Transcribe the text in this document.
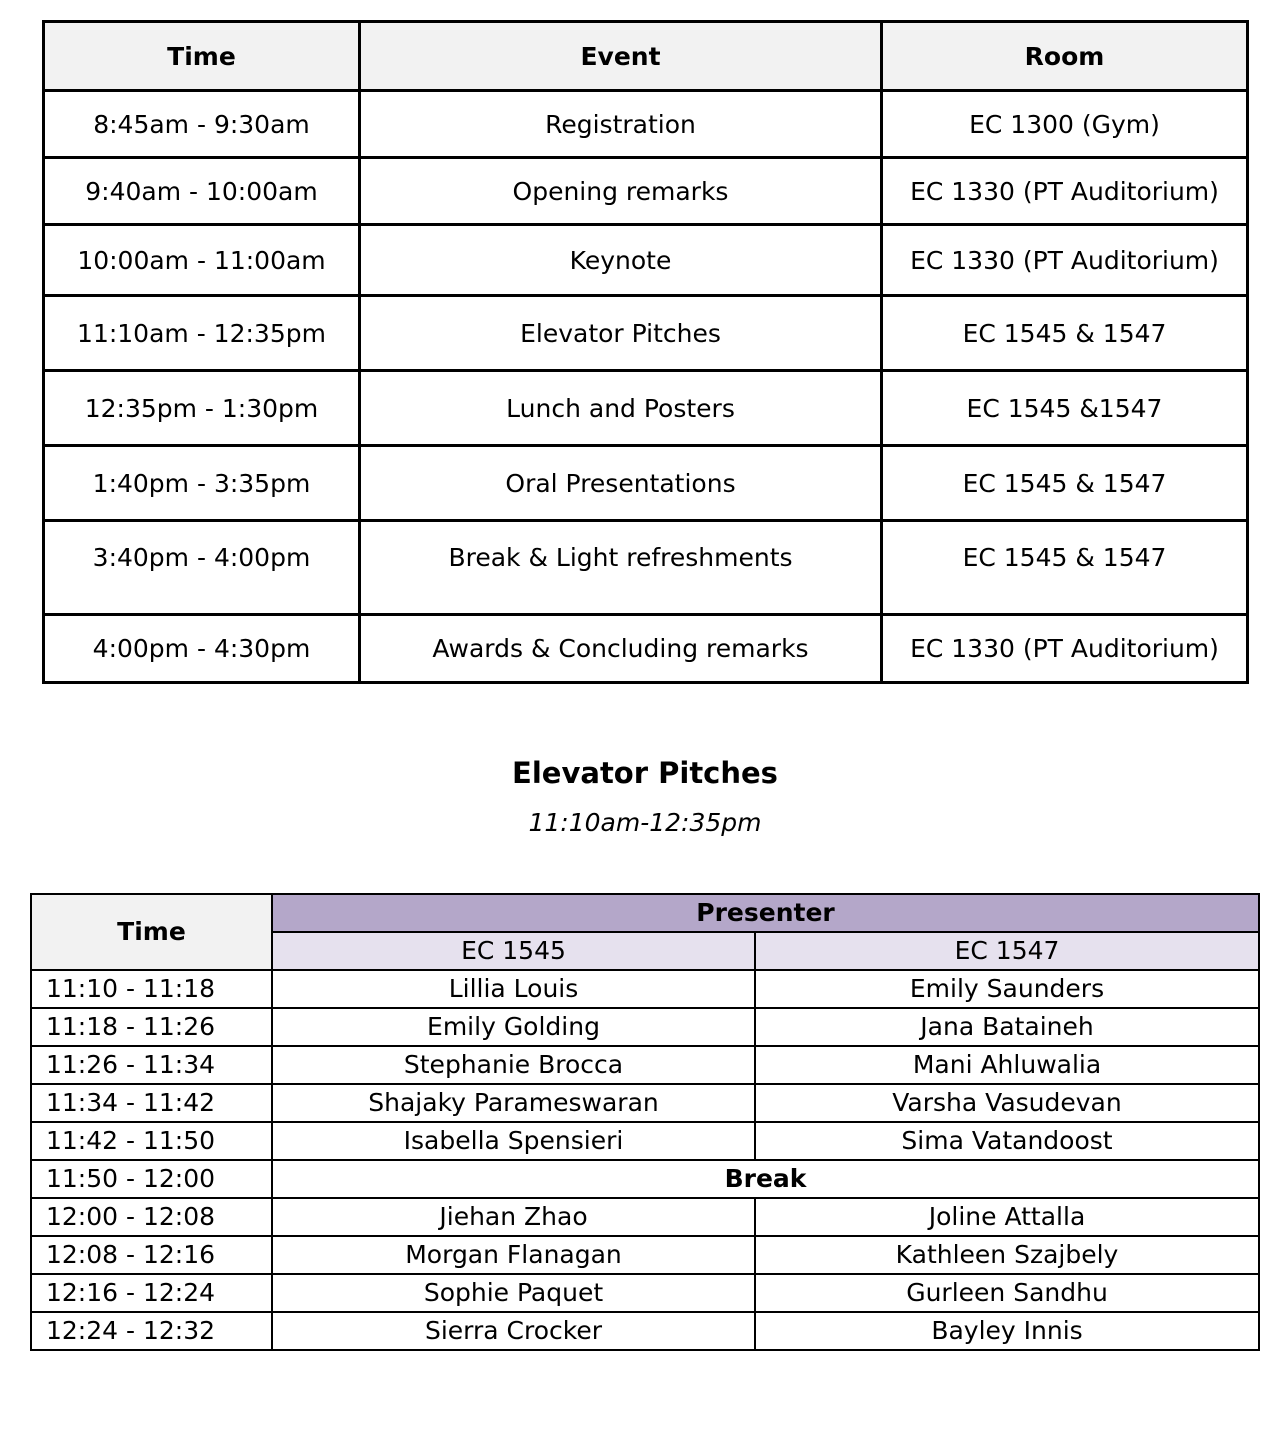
Time	Event	Room
8:45am - 9:30am	Registration	EC 1300 (Gym)
9:40am - 10:00am	Opening remarks	EC 1330 (PT Auditorium)
10:00am - 11:00am	Keynote	EC 1330 (PT Auditorium)
11:10am - 12:35pm	Elevator Pitches	EC 1545 & 1547
12:35pm - 1:30pm	Lunch and Posters	EC 1545 &1547
1:40pm - 3:35pm	Oral Presentations	EC 1545 & 1547
3:40pm - 4:00pm	Break & Light refreshments	EC 1545 & 1547
4:00pm - 4:30pm	Awards & Concluding remarks	EC 1330 (PT Auditorium)
Elevator Pitches
11:10am-12:35pm
Time	Presenter	
	EC 1545	EC 1547
11:10 - 11:18	Lillia Louis	Emily Saunders
11:18 - 11:26	Emily Golding	Jana Bataineh
11:26 - 11:34	Stephanie Brocca	Mani Ahluwalia
11:34 - 11:42	Shajaky Parameswaran	Varsha Vasudevan
11:42 - 11:50	Isabella Spensieri	Sima Vatandoost
11:50 - 12:00	Break	
12:00 - 12:08	Jiehan Zhao	Joline Attalla
12:08 - 12:16	Morgan Flanagan	Kathleen Szajbely
12:16 - 12:24	Sophie Paquet	Gurleen Sandhu
12:24 - 12:32	Sierra Crocker	Bayley Innis
